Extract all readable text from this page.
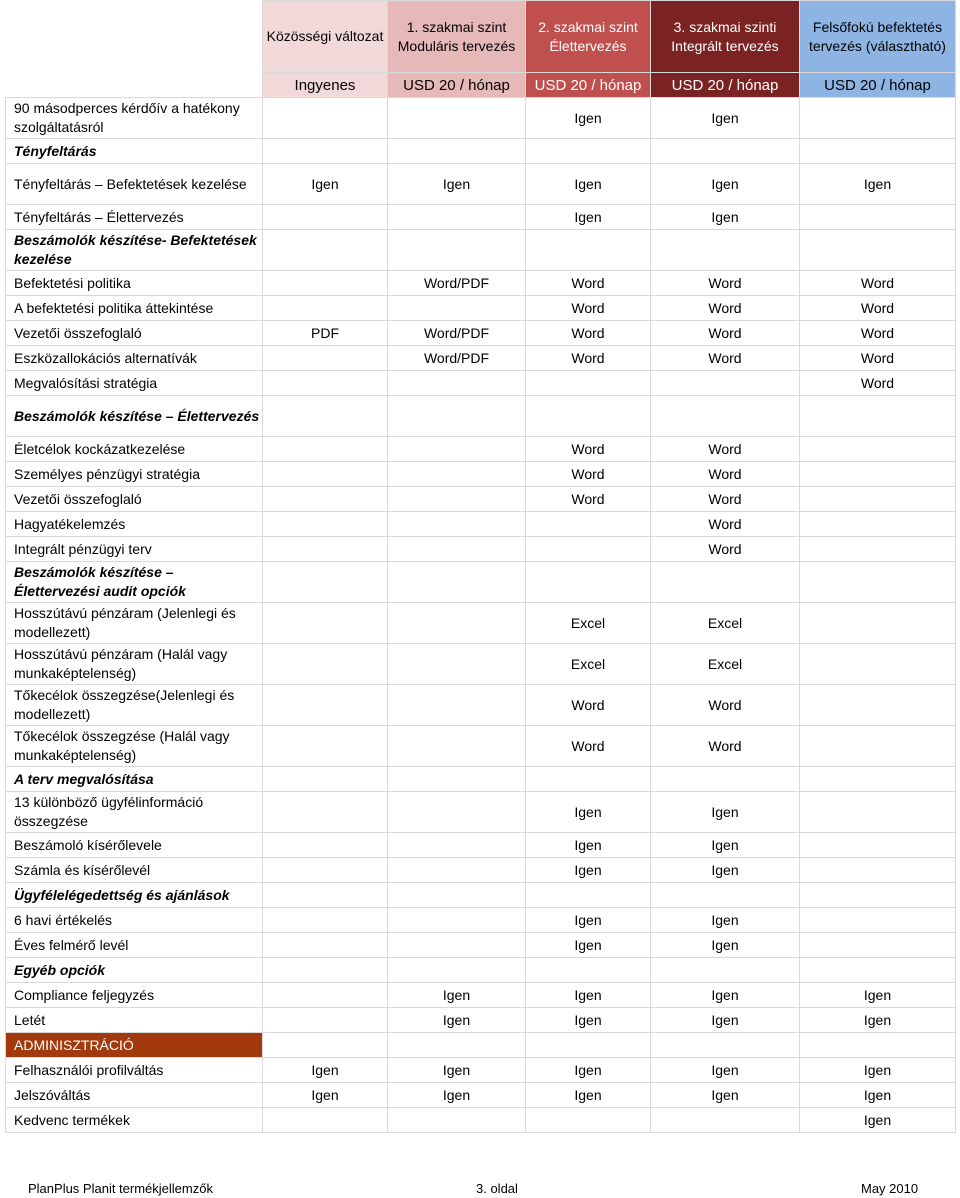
	Közösségi változat	1. szakmai szint Moduláris tervezés	2. szakmai szint Élettervezés	3. szakmai szinti Integrált tervezés	Felsőfokú befektetés tervezés (választható)
	Ingyenes	USD 20 / hónap	USD 20 / hónap	USD 20 / hónap	USD 20 / hónap
90 másodperces kérdőív a hatékony szolgáltatásról			Igen	Igen	
Tényfeltárás					
Tényfeltárás – Befektetések kezelése	Igen	Igen	Igen	Igen	Igen
Tényfeltárás – Élettervezés			Igen	Igen	
Beszámolók készítése- Befektetések kezelése					
Befektetési politika		Word/PDF	Word	Word	Word
A befektetési politika áttekintése			Word	Word	Word
Vezetői összefoglaló	PDF	Word/PDF	Word	Word	Word
Eszközallokációs alternatívák		Word/PDF	Word	Word	Word
Megvalósítási stratégia					Word
Beszámolók készítése – Élettervezés					
Életcélok kockázatkezelése			Word	Word	
Személyes pénzügyi stratégia			Word	Word	
Vezetői összefoglaló			Word	Word	
Hagyatékelemzés				Word	
Integrált pénzügyi terv				Word	
Beszámolók készítése – Élettervezési audit opciók					
Hosszútávú pénzáram (Jelenlegi és modellezett)			Excel	Excel	
Hosszútávú pénzáram (Halál vagy munkaképtelenség)			Excel	Excel	
Tőkecélok összegzése(Jelenlegi és modellezett)			Word	Word	
Tőkecélok összegzése (Halál vagy munkaképtelenség)			Word	Word	
A terv megvalósítása					
13 különböző ügyfélinformáció összegzése			Igen	Igen	
Beszámoló kísérőlevele			Igen	Igen	
Számla és kísérőlevél			Igen	Igen	
Ügyfélelégedettség és ajánlások					
6 havi értékelés			Igen	Igen	
Éves felmérő levél			Igen	Igen	
Egyéb opciók					
Compliance feljegyzés		Igen	Igen	Igen	Igen
Letét		Igen	Igen	Igen	Igen
ADMINISZTRÁCIÓ					
Felhasználói profilváltás	Igen	Igen	Igen	Igen	Igen
Jelszóváltás	Igen	Igen	Igen	Igen	Igen
Kedvenc termékek					Igen
PlanPlus Planit termékjellemzők	3. oldal	May 2010
